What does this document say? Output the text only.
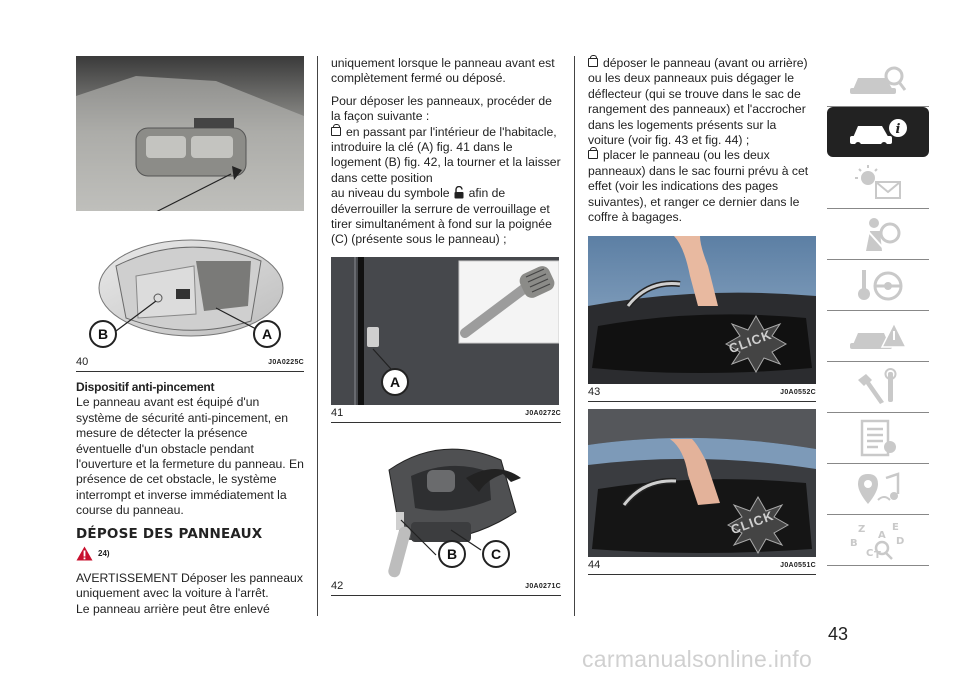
B	A
40	J0A0225C

Dispositif anti-pincement

Le panneau avant est équipé d'un système de sécurité anti-pincement, en mesure de détecter la présence éventuelle d'un obstacle pendant l'ouverture et la fermeture du panneau. En présence de cet obstacle, le système interrompt et inverse immédiatement la course du panneau.

DÉPOSE DES PANNEAUX

24)

AVERTISSEMENT Déposer les panneaux uniquement avec la voiture à l'arrêt.

Le panneau arrière peut être enlevé

uniquement lorsque le panneau avant est complètement fermé ou déposé.

Pour déposer les panneaux, procéder de la façon suivante :

en passant par l'intérieur de l'habitacle, introduire la clé (A) fig. 41 dans le logement (B) fig. 42, la tourner et la laisser dans cette position

au niveau du symbole afin de

déverrouiller la serrure de verrouillage et tirer simultanément à fond sur la poignée (C) (présente sous le panneau) ;

A
41	J0A0272C
B	C
42	J0A0271C

déposer le panneau (avant ou arrière) ou les deux panneaux puis dégager le déflecteur (qui se trouve dans le sac de rangement des panneaux) et l'accrocher dans les logements présents sur la voiture (voir fig. 43 et fig. 44) ;

placer le panneau (ou les deux panneaux) dans le sac fourni prévu à cet effet (voir les indications des pages suivantes), et ranger ce dernier dans le coffre à bagages.

CLICK
43	J0A0552C
CLICK
44	J0A0551C
i
Z	E
A
B
C T
D
43
carmanualsonline.info
